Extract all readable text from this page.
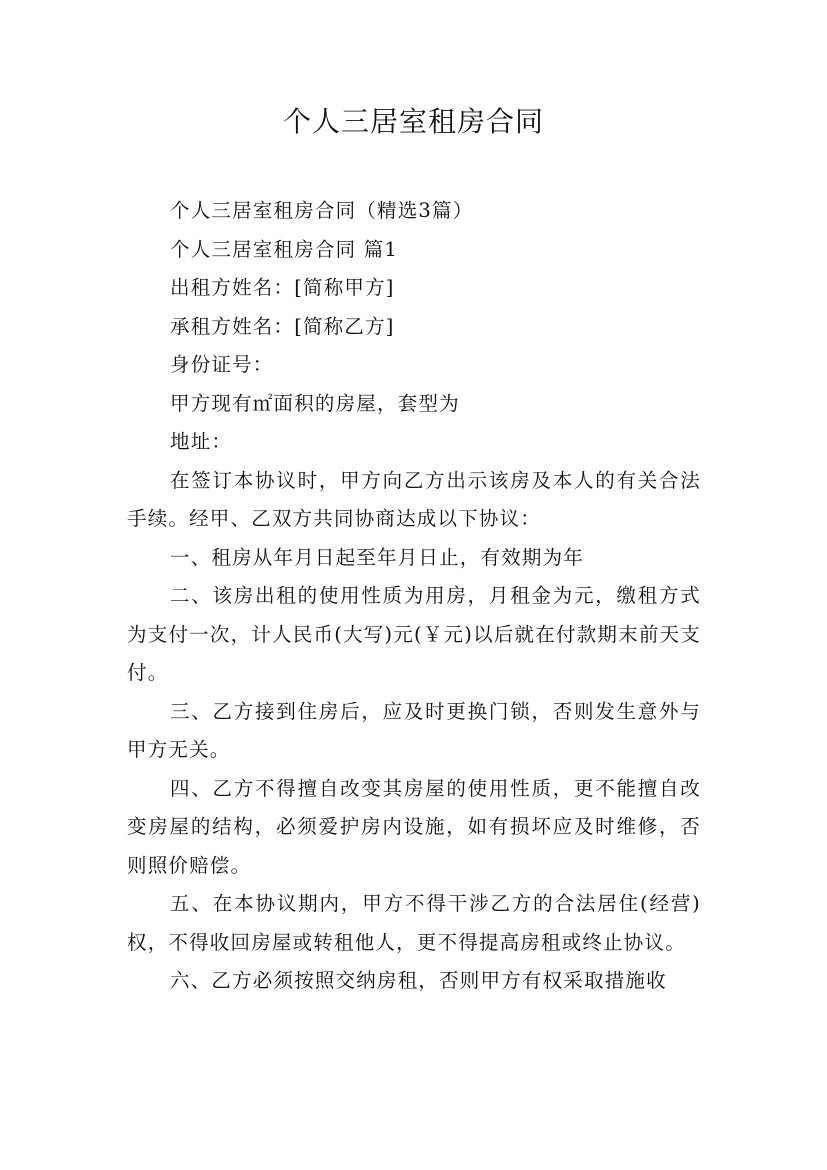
个人三居室租房合同

个人三居室租房合同（精选3篇）

个人三居室租房合同 篇1

出租方姓名：[简称甲方]

承租方姓名：[简称乙方]

身份证号：

甲方现有㎡面积的房屋，套型为

地址：

在签订本协议时，甲方向乙方出示该房及本人的有关合法手续。经甲、乙双方共同协商达成以下协议：

一、租房从年月日起至年月日止，有效期为年

二、该房出租的使用性质为用房，月租金为元，缴租方式为支付一次，计人民币(大写)元(￥元)以后就在付款期末前天支付。

三、乙方接到住房后，应及时更换门锁，否则发生意外与甲方无关。

四、乙方不得擅自改变其房屋的使用性质，更不能擅自改变房屋的结构，必须爱护房内设施，如有损坏应及时维修，否则照价赔偿。

五、在本协议期内，甲方不得干涉乙方的合法居住(经营)权，不得收回房屋或转租他人，更不得提高房租或终止协议。

六、乙方必须按照交纳房租，否则甲方有权采取措施收
